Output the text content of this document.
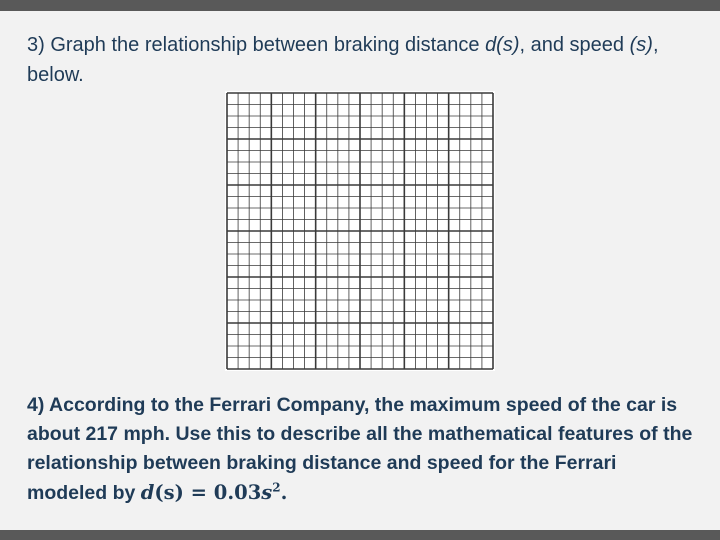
3) Graph the relationship between braking distance d(s), and speed (s), below.

4) According to the Ferrari Company, the maximum speed of the car is about 217 mph. Use this to describe all the mathematical features of the relationship between braking distance and speed for the Ferrari modeled by $d(s) = 0.03s^2$.
